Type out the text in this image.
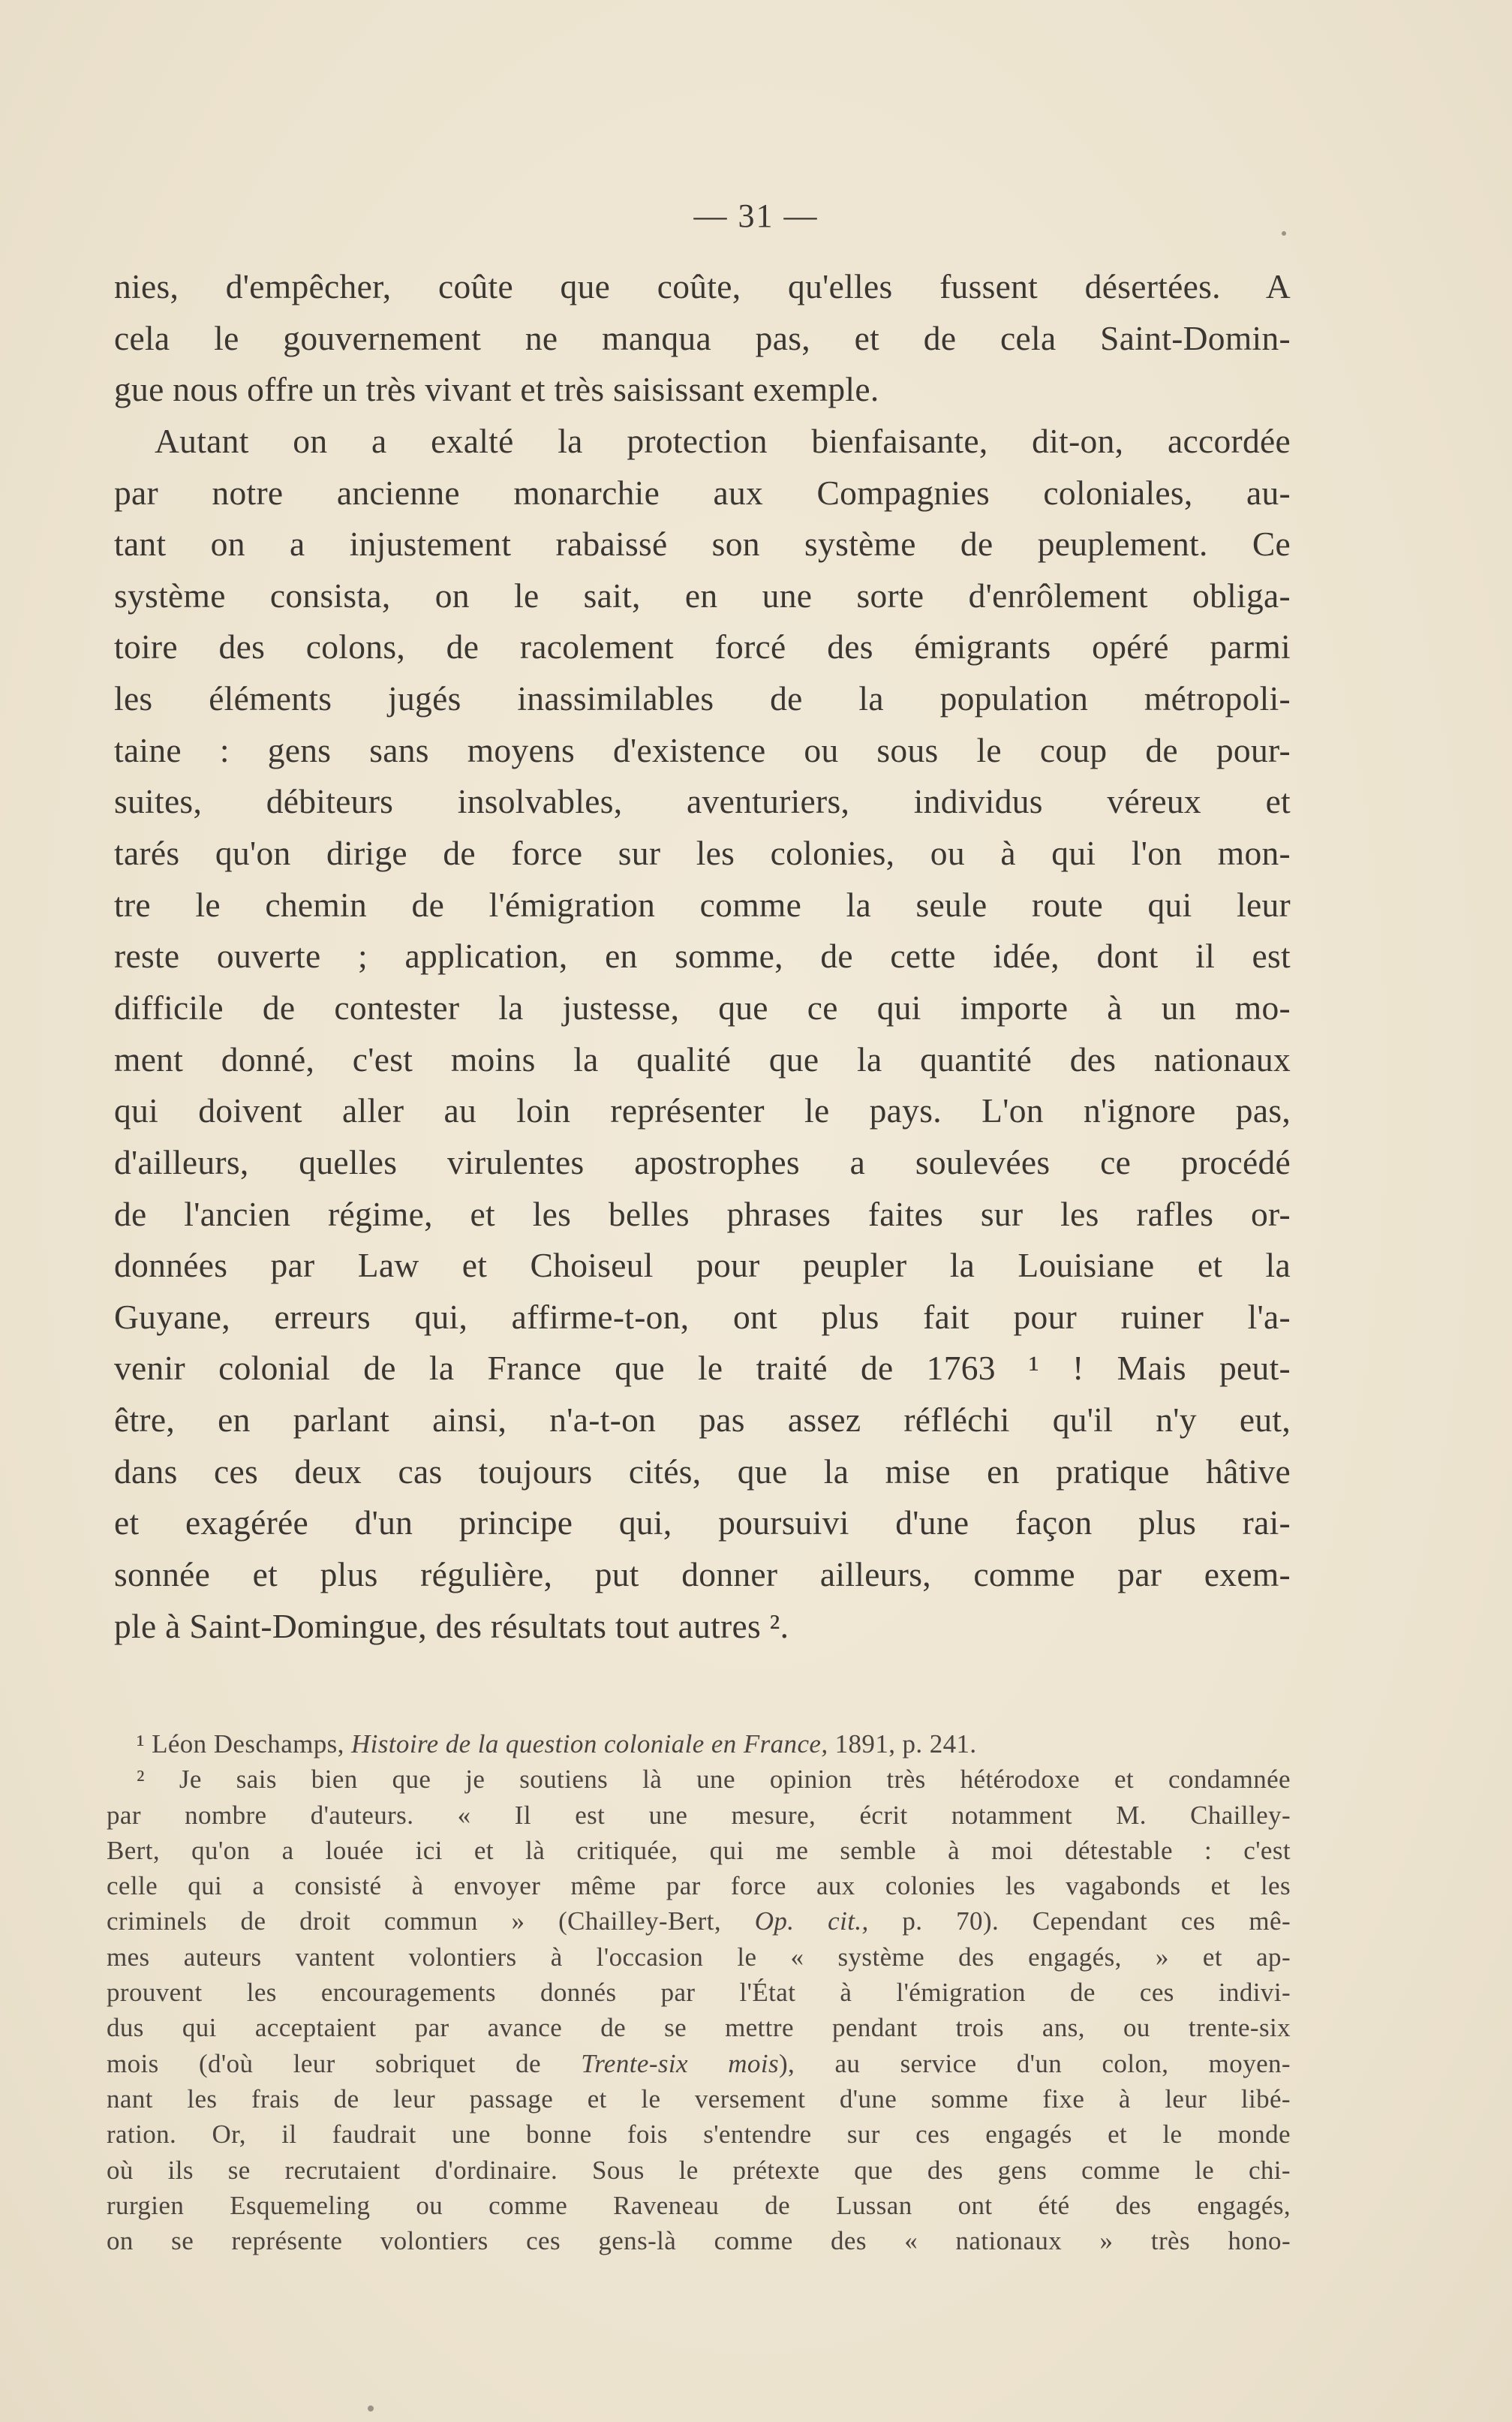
— 31 —
nies, d'empêcher, coûte que coûte, qu'elles fussent désertées. A
cela le gouvernement ne manqua pas, et de cela Saint-Domin-
gue nous offre un très vivant et très saisissant exemple.
Autant on a exalté la protection bienfaisante, dit-on, accordée
par notre ancienne monarchie aux Compagnies coloniales, au-
tant on a injustement rabaissé son système de peuplement. Ce
système consista, on le sait, en une sorte d'enrôlement obliga-
toire des colons, de racolement forcé des émigrants opéré parmi
les éléments jugés inassimilables de la population métropoli-
taine : gens sans moyens d'existence ou sous le coup de pour-
suites, débiteurs insolvables, aventuriers, individus véreux et
tarés qu'on dirige de force sur les colonies, ou à qui l'on mon-
tre le chemin de l'émigration comme la seule route qui leur
reste ouverte ; application, en somme, de cette idée, dont il est
difficile de contester la justesse, que ce qui importe à un mo-
ment donné, c'est moins la qualité que la quantité des nationaux
qui doivent aller au loin représenter le pays. L'on n'ignore pas,
d'ailleurs, quelles virulentes apostrophes a soulevées ce procédé
de l'ancien régime, et les belles phrases faites sur les rafles or-
données par Law et Choiseul pour peupler la Louisiane et la
Guyane, erreurs qui, affirme-t-on, ont plus fait pour ruiner l'a-
venir colonial de la France que le traité de 1763 ¹ ! Mais peut-
être, en parlant ainsi, n'a-t-on pas assez réfléchi qu'il n'y eut,
dans ces deux cas toujours cités, que la mise en pratique hâtive
et exagérée d'un principe qui, poursuivi d'une façon plus rai-
sonnée et plus régulière, put donner ailleurs, comme par exem-
ple à Saint-Domingue, des résultats tout autres ².
¹ Léon Deschamps, Histoire de la question coloniale en France, 1891, p. 241.
² Je sais bien que je soutiens là une opinion très hétérodoxe et condamnée
par nombre d'auteurs. « Il est une mesure, écrit notamment M. Chailley-
Bert, qu'on a louée ici et là critiquée, qui me semble à moi détestable : c'est
celle qui a consisté à envoyer même par force aux colonies les vagabonds et les
criminels de droit commun » (Chailley-Bert, Op. cit., p. 70). Cependant ces mê-
mes auteurs vantent volontiers à l'occasion le « système des engagés, » et ap-
prouvent les encouragements donnés par l'État à l'émigration de ces indivi-
dus qui acceptaient par avance de se mettre pendant trois ans, ou trente-six
mois (d'où leur sobriquet de Trente-six mois), au service d'un colon, moyen-
nant les frais de leur passage et le versement d'une somme fixe à leur libé-
ration. Or, il faudrait une bonne fois s'entendre sur ces engagés et le monde
où ils se recrutaient d'ordinaire. Sous le prétexte que des gens comme le chi-
rurgien Esquemeling ou comme Raveneau de Lussan ont été des engagés,
on se représente volontiers ces gens-là comme des « nationaux » très hono-
